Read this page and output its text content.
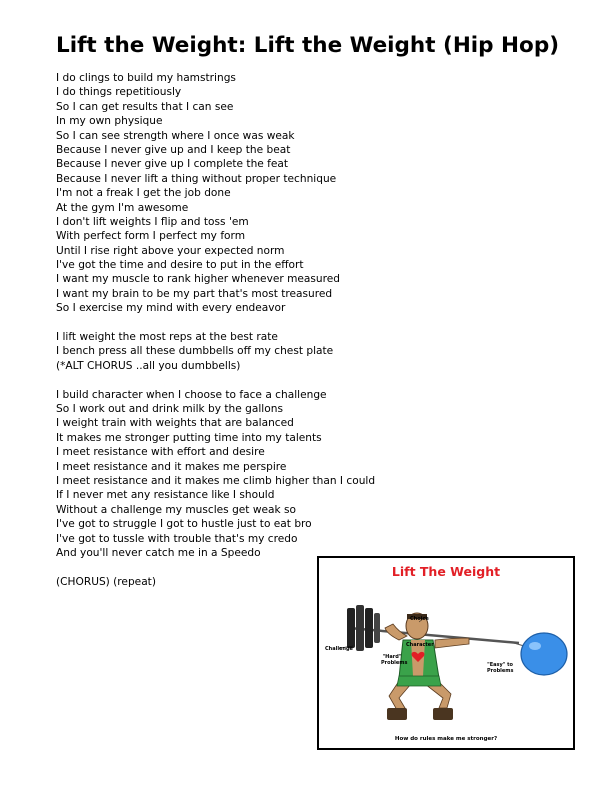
Lift the Weight: Lift the Weight (Hip Hop)
I do clings to build my hamstrings
I do things repetitiously
So I can get results that I can see
In my own physique
So I can see strength where I once was weak
Because I never give up and I keep the beat
Because I never give up I complete the feat
Because I never lift a thing without proper technique
I'm not a freak I get the job done
At the gym I'm awesome
I don't lift weights I flip and toss 'em
With perfect form I perfect my form
Until I rise right above your expected norm
I've got the time and desire to put in the effort
I want my muscle to rank higher whenever measured
I want my brain to be my part that's most treasured
So I exercise my mind with every endeavor
I lift weight the most reps at the best rate
I bench press all these dumbbells off my chest plate
(*ALT CHORUS ..all you dumbbells)
I build character when I choose to face a challenge
So I work out and drink milk by the gallons
I weight train with weights that are balanced
It makes me stronger putting time into my talents
I meet resistance with effort and desire
I meet resistance and it makes me perspire
I meet resistance and it makes me climb higher than I could
If I never met any resistance like I should
Without a challenge my muscles get weak so
I've got to struggle I got to hustle just to eat bro
I've got to tussle with trouble that's my credo
And you'll never catch me in a Speedo
(CHORUS) (repeat)
Lift The Weight
Choice
Character
Challenge
"Hard" Problems	"Easy" to Problems
How do rules make me stronger?
